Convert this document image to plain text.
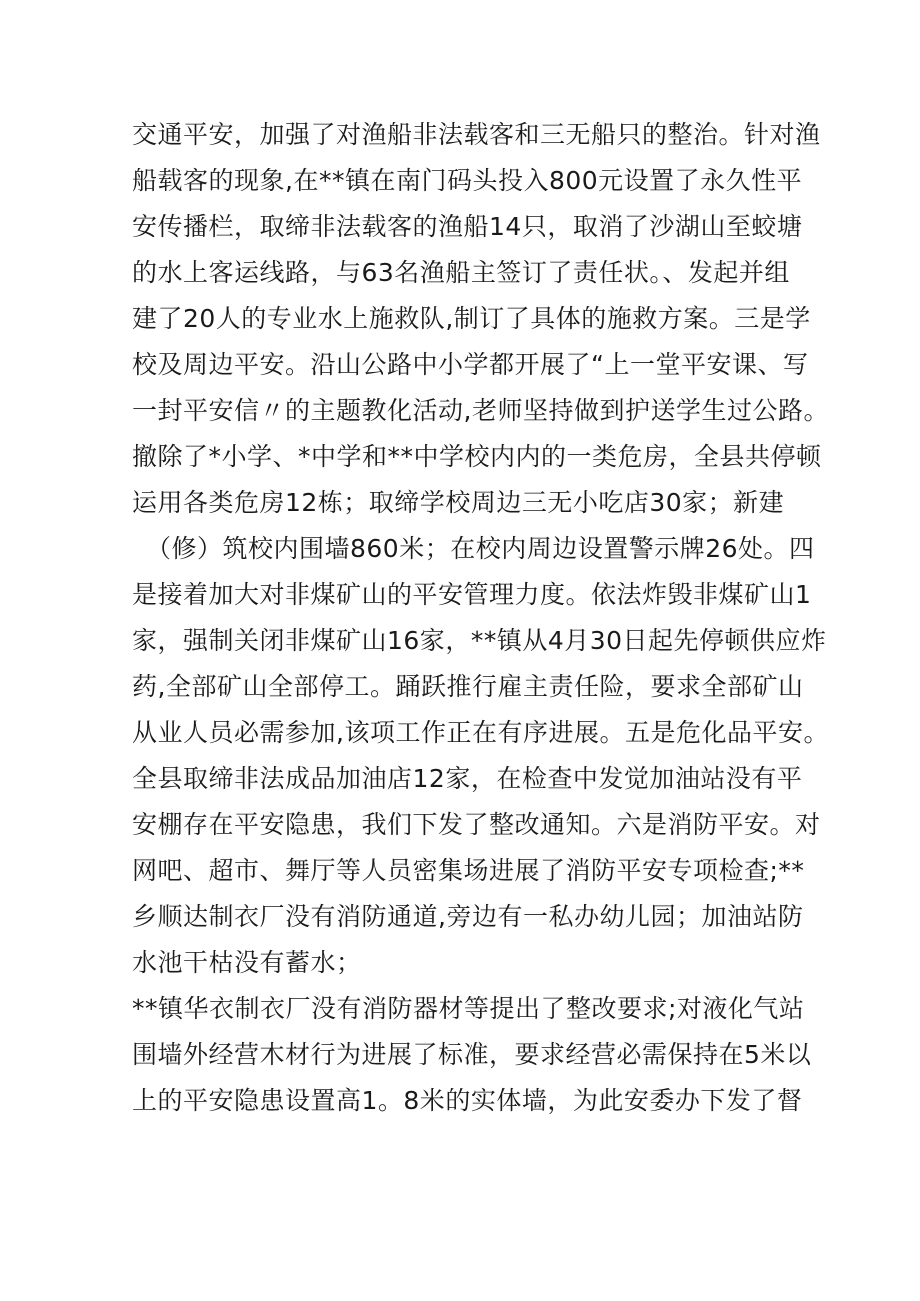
交通平安，加强了对渔船非法载客和三无船只的整治。针对渔
船载客的现象,在**镇在南门码头投入800元设置了永久性平
安传播栏，取缔非法载客的渔船14只，取消了沙湖山至蛟塘
的水上客运线路，与63名渔船主签订了责任状。、发起并组
建了20人的专业水上施救队,制订了具体的施救方案。三是学
校及周边平安。沿山公路中小学都开展了“上一堂平安课、写
一封平安信〃的主题教化活动,老师坚持做到护送学生过公路。
撤除了*小学、*中学和**中学校内内的一类危房，全县共停顿
运用各类危房12栋；取缔学校周边三无小吃店30家；新建
（修）筑校内围墙860米；在校内周边设置警示牌26处。四
是接着加大对非煤矿山的平安管理力度。依法炸毁非煤矿山1
家，强制关闭非煤矿山16家，**镇从4月30日起先停顿供应炸
药,全部矿山全部停工。踊跃推行雇主责任险，要求全部矿山
从业人员必需参加,该项工作正在有序进展。五是危化品平安。
全县取缔非法成品加油店12家，在检查中发觉加油站没有平
安棚存在平安隐患，我们下发了整改通知。六是消防平安。对
网吧、超市、舞厅等人员密集场进展了消防平安专项检查;**
乡顺达制衣厂没有消防通道,旁边有一私办幼儿园；加油站防
水池干枯没有蓄水；
**镇华衣制衣厂没有消防器材等提出了整改要求;对液化气站
围墙外经营木材行为进展了标准，要求经营必需保持在5米以
上的平安隐患设置高1。8米的实体墙，为此安委办下发了督
